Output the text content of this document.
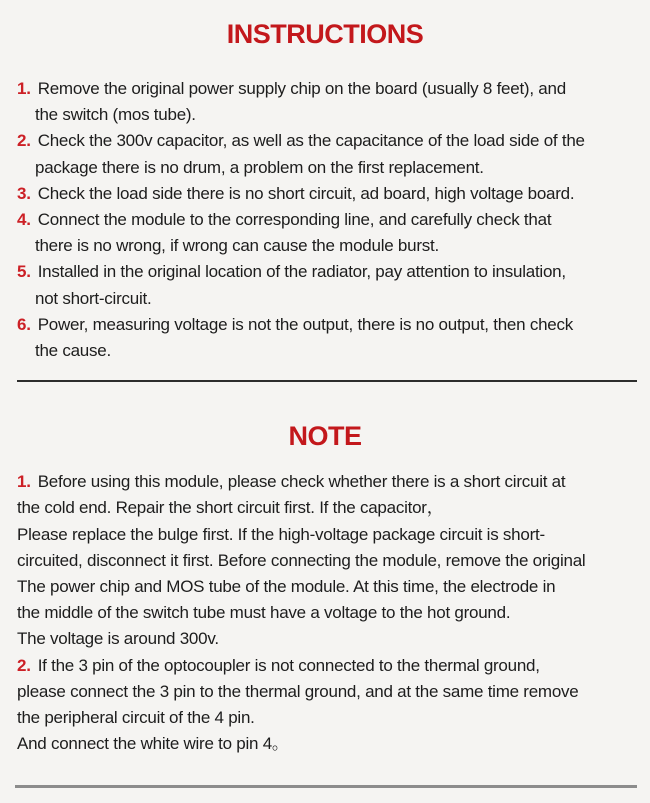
INSTRUCTIONS
1. Remove the original power supply chip on the board (usually 8 feet), and
the switch (mos tube).
2. Check the 300v capacitor, as well as the capacitance of the load side of the
package there is no drum, a problem on the first replacement.
3. Check the load side there is no short circuit, ad board, high voltage board.
4. Connect the module to the corresponding line, and carefully check that
there is no wrong, if wrong can cause the module burst.
5. Installed in the original location of the radiator, pay attention to insulation,
not short-circuit.
6. Power, measuring voltage is not the output, there is no output, then check
the cause.
NOTE
1. Before using this module, please check whether there is a short circuit at
the cold end. Repair the short circuit first. If the capacitor，
Please replace the bulge first. If the high-voltage package circuit is short-
circuited, disconnect it first. Before connecting the module, remove the original
The power chip and MOS tube of the module. At this time, the electrode in
the middle of the switch tube must have a voltage to the hot ground.
The voltage is around 300v.
2. If the 3 pin of the optocoupler is not connected to the thermal ground,
please connect the 3 pin to the thermal ground, and at the same time remove
the peripheral circuit of the 4 pin.
And connect the white wire to pin 4。
